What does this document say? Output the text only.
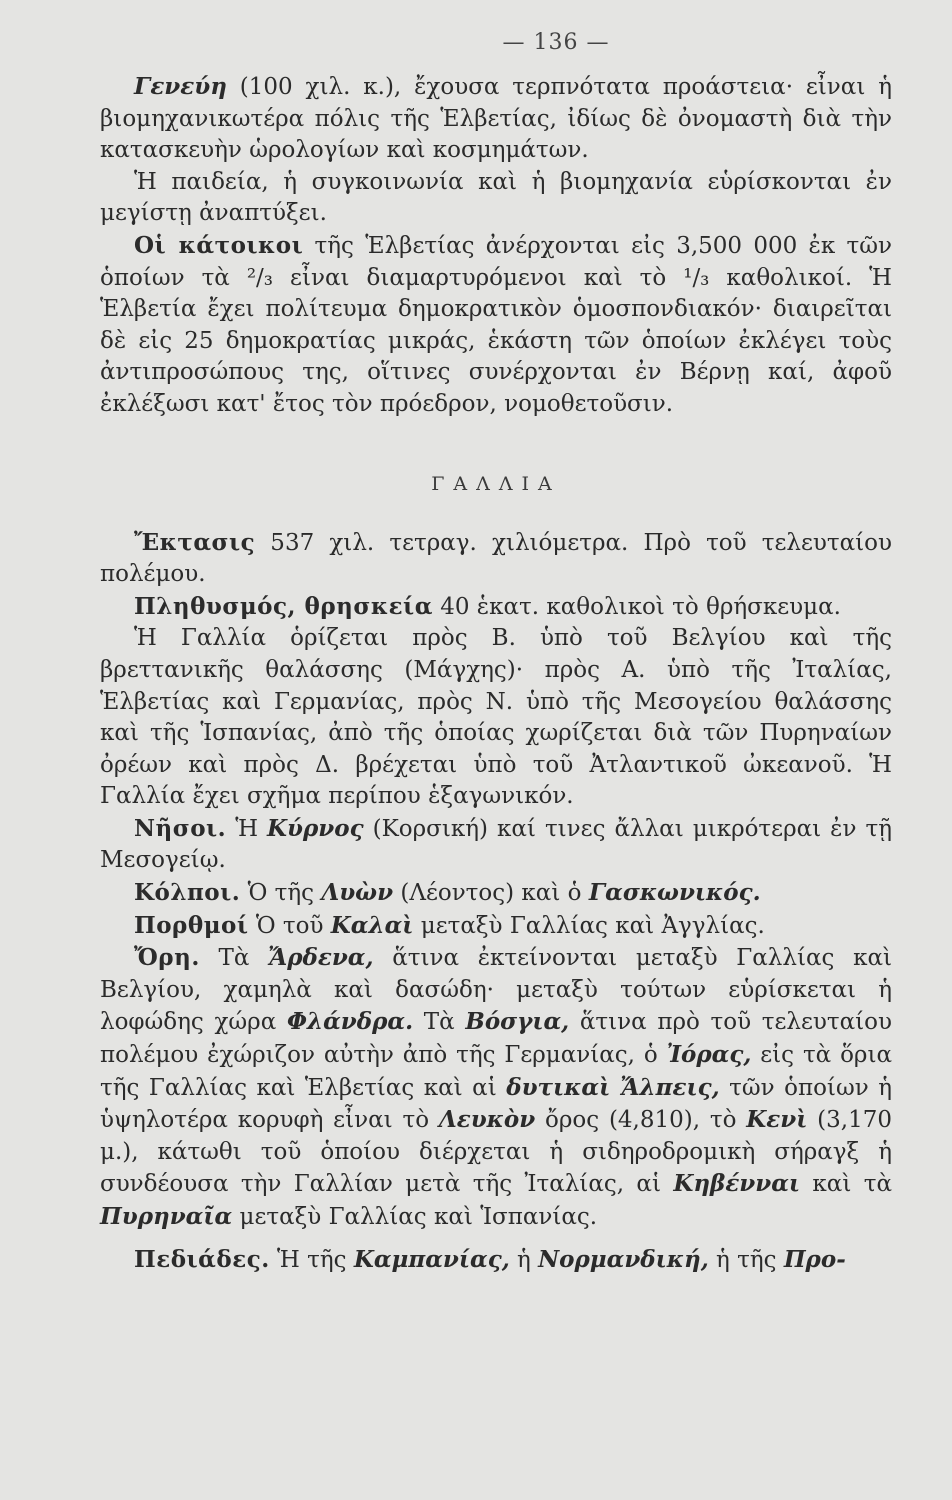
— 136 —

Γενεύη (100 χιλ. κ.), ἔχουσα τερπνότατα προάστεια· εἶναι ἡ βιομηχανικωτέρα πόλις τῆς Ἑλβετίας, ἰδίως δὲ ὀνομαστὴ διὰ τὴν κατασκευὴν ὡρολογίων καὶ κοσμημάτων.

Ἡ παιδεία, ἡ συγκοινωνία καὶ ἡ βιομηχανία εὑρίσκονται ἐν μεγίστῃ ἀναπτύξει.

Οἱ κάτοικοι τῆς Ἑλβετίας ἀνέρχονται εἰς 3,500 000 ἐκ τῶν ὁποίων τὰ ²/₃ εἶναι διαμαρτυρόμενοι καὶ τὸ ¹/₃ καθολικοί. Ἡ Ἑλβετία ἔχει πολίτευμα δημοκρατικὸν ὁμοσπονδιακόν· διαιρεῖται δὲ εἰς 25 δημοκρατίας μικράς, ἑκάστη τῶν ὁποίων ἐκλέγει τοὺς ἀντιπροσώπους της, οἵτινες συνέρχονται ἐν Βέρνῃ καί, ἀφοῦ ἐκλέξωσι κατ' ἔτος τὸν πρόεδρον, νομοθετοῦσιν.

ΓΑΛΛΙΑ

Ἔκτασις 537 χιλ. τετραγ. χιλιόμετρα. Πρὸ τοῦ τελευταίου πολέμου.

Πληθυσμός, θρησκεία 40 ἑκατ. καθολικοὶ τὸ θρήσκευμα.

Ἡ Γαλλία ὁρίζεται πρὸς Β. ὑπὸ τοῦ Βελγίου καὶ τῆς βρεττανικῆς θαλάσσης (Μάγχης)· πρὸς Α. ὑπὸ τῆς Ἰταλίας, Ἑλβετίας καὶ Γερμανίας, πρὸς Ν. ὑπὸ τῆς Μεσογείου θαλάσσης καὶ τῆς Ἱσπανίας, ἀπὸ τῆς ὁποίας χωρίζεται διὰ τῶν Πυρηναίων ὀρέων καὶ πρὸς Δ. βρέχεται ὑπὸ τοῦ Ἀτλαντικοῦ ὠκεανοῦ. Ἡ Γαλλία ἔχει σχῆμα περίπου ἑξαγωνικόν.

Νῆσοι. Ἡ Κύρνος (Κορσική) καί τινες ἄλλαι μικρότεραι ἐν τῇ Μεσογείῳ.

Κόλποι. Ὁ τῆς Λυὼν (Λέοντος) καὶ ὁ Γασκωνικός.

Πορθμοί Ὁ τοῦ Καλαὶ μεταξὺ Γαλλίας καὶ Ἀγγλίας.

Ὄρη. Τὰ Ἄρδενα, ἅτινα ἐκτείνονται μεταξὺ Γαλλίας καὶ Βελγίου, χαμηλὰ καὶ δασώδη· μεταξὺ τούτων εὑρίσκεται ἡ λοφώδης χώρα Φλάνδρα. Τὰ Βόσγια, ἅτινα πρὸ τοῦ τελευταίου πολέμου ἐχώριζον αὐτὴν ἀπὸ τῆς Γερμανίας, ὁ Ἰόρας, εἰς τὰ ὅρια τῆς Γαλλίας καὶ Ἑλβετίας καὶ αἱ δυτικαὶ Ἄλπεις, τῶν ὁποίων ἡ ὑψηλοτέρα κορυφὴ εἶναι τὸ Λευκὸν ὄρος (4,810), τὸ Κενὶ (3,170 μ.), κάτωθι τοῦ ὁποίου διέρχεται ἡ σιδηροδρομικὴ σήραγξ ἡ συνδέουσα τὴν Γαλλίαν μετὰ τῆς Ἰταλίας, αἱ Κηβένναι καὶ τὰ Πυρηναῖα μεταξὺ Γαλλίας καὶ Ἱσπανίας.

Πεδιάδες. Ἡ τῆς Καμπανίας, ἡ Νορμανδική, ἡ τῆς Προ-
